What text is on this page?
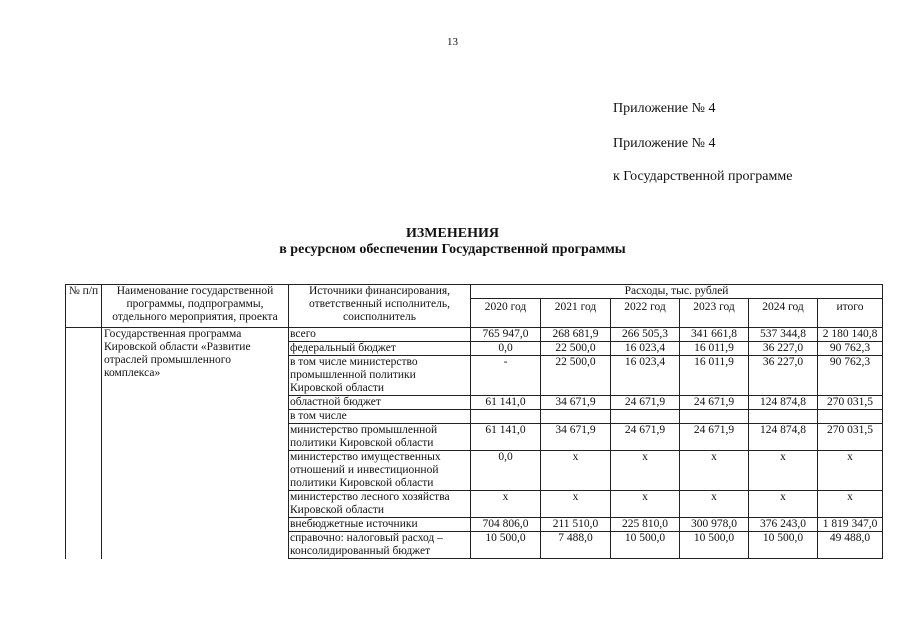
13
Приложение № 4
Приложение № 4
к Государственной программе
ИЗМЕНЕНИЯ
в ресурсном обеспечении Государственной программы
№ п/п	Наименование государственной программы, подпрограммы, отдельного мероприятия, проекта	Источники финансирования, ответственный исполнитель, соисполнитель	Расходы, тыс. рублей					
			2020 год	2021 год	2022 год	2023 год	2024 год	итого
	Государственная программа Кировской области «Развитие отраслей промышленного комплекса»	всего	765 947,0	268 681,9	266 505,3	341 661,8	537 344,8	2 180 140,8
		федеральный бюджет	0,0	22 500,0	16 023,4	16 011,9	36 227,0	90 762,3
		в том числе министерство промышленной политики Кировской области	-	22 500,0	16 023,4	16 011,9	36 227,0	90 762,3
		областной бюджет	61 141,0	34 671,9	24 671,9	24 671,9	124 874,8	270 031,5
		в том числе						
		министерство промышленной политики Кировской области	61 141,0	34 671,9	24 671,9	24 671,9	124 874,8	270 031,5
		министерство имущественных отношений и инвестиционной политики Кировской области	0,0	х	х	х	х	х
		министерство лесного хозяйства Кировской области	х	х	х	х	х	х
		внебюджетные источники	704 806,0	211 510,0	225 810,0	300 978,0	376 243,0	1 819 347,0
		справочно: налоговый расход – консолидированный бюджет	10 500,0	7 488,0	10 500,0	10 500,0	10 500,0	49 488,0
